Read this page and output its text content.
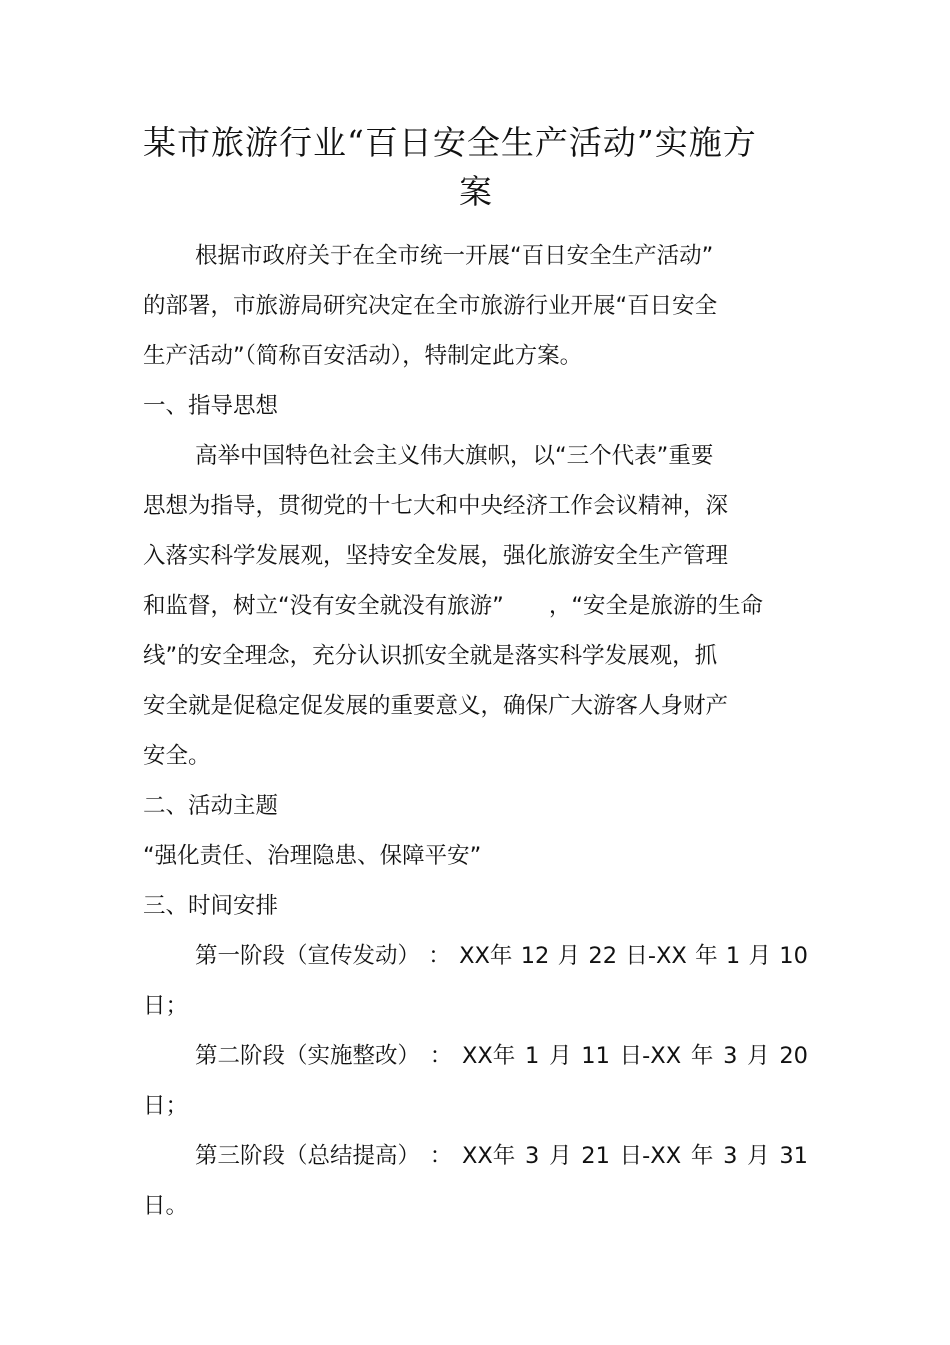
某市旅游行业“百日安全生产活动”实施方
案
根据市政府关于在全市统一开展“百日安全生产活动”
的部署，市旅游局研究决定在全市旅游行业开展“百日安全
生产活动”（简称百安活动），特制定此方案。
一、指导思想
高举中国特色社会主义伟大旗帜，以“三个代表”重要
思想为指导，贯彻党的十七大和中央经济工作会议精神，深
入落实科学发展观，坚持安全发展，强化旅游安全生产管理
和监督，树立“没有安全就没有旅游”　　，“安全是旅游的生命
线”的安全理念，充分认识抓安全就是落实科学发展观，抓
安全就是促稳定促发展的重要意义，确保广大游客人身财产
安全。
二、活动主题
“强化责任、治理隐患、保障平安”
三、时间安排
第一阶段（宣传发动） ： XX年 12 月 22 日-XX 年 1 月 10
日；
第二阶段（实施整改） ： XX年 1 月 11 日-XX 年 3 月 20
日；
第三阶段（总结提高） ： XX年 3 月 21 日-XX 年 3 月 31
日。
